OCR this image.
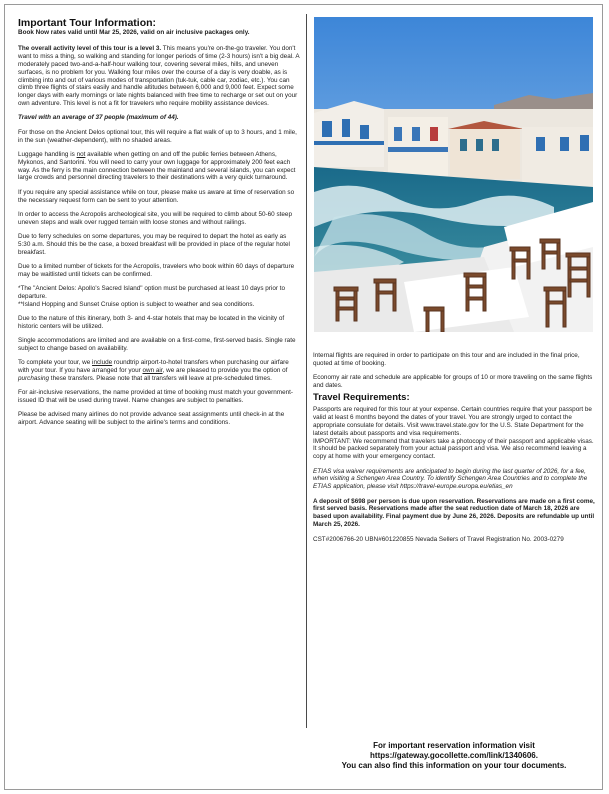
Important Tour Information:

Book Now rates valid until Mar 25, 2026, valid on air inclusive packages only.

The overall activity level of this tour is a level 3. This means you're on-the-go traveler. You don't want to miss a thing, so walking and standing for longer periods of time (2-3 hours) isn't a big deal. A moderately paced two-and-a-half-hour walking tour, covering several miles, hills, and uneven surfaces, is no problem for you. Walking four miles over the course of a day is very doable, as is climbing into and out of various modes of transportation (tuk-tuk, cable car, zodiac, etc.). You can climb three flights of stairs easily and handle altitudes between 6,000 and 9,000 feet. Expect some longer days with early mornings or late nights balanced with free time to recharge or set out on your own adventure. This level is not a fit for travelers who require mobility assistance devices.

Travel with an average of 37 people (maximum of 44).

For those on the Ancient Delos optional tour, this will require a flat walk of up to 3 hours, and 1 mile, in the sun (weather-dependent), with no shaded areas.

Luggage handling is not available when getting on and off the public ferries between Athens, Mykonos, and Santorini. You will need to carry your own luggage for approximately 200 feet each way. As the ferry is the main connection between the mainland and several islands, you can expect large crowds and personnel directing travelers to their destinations with a very quick turnaround.

If you require any special assistance while on tour, please make us aware at time of reservation so the necessary request form can be sent to your attention.

In order to access the Acropolis archeological site, you will be required to climb about 50-60 steep uneven steps and walk over rugged terrain with loose stones and without railings.

Due to ferry schedules on some departures, you may be required to depart the hotel as early as 5:30 a.m. Should this be the case, a boxed breakfast will be provided in place of the regular hotel breakfast.

Due to a limited number of tickets for the Acropolis, travelers who book within 60 days of departure may be waitlisted until tickets can be confirmed.

*The "Ancient Delos: Apollo's Sacred Island" option must be purchased at least 10 days prior to departure.
**Island Hopping and Sunset Cruise option is subject to weather and sea conditions.

Due to the nature of this itinerary, both 3- and 4-star hotels that may be located in the vicinity of historic centers will be utilized.

Single accommodations are limited and are available on a first-come, first-served basis. Single rate subject to change based on availability.

To complete your tour, we include roundtrip airport-to-hotel transfers when purchasing our airfare with your tour. If you have arranged for your own air, we are pleased to provide you the option of purchasing these transfers. Please note that all transfers will leave at pre-scheduled times.

For air-inclusive reservations, the name provided at time of booking must match your government-issued ID that will be used during travel. Name changes are subject to penalties.

Please be advised many airlines do not provide advance seat assignments until check-in at the airport. Advance seating will be subject to the airline's terms and conditions.

Internal flights are required in order to participate on this tour and are included in the final price, quoted at time of booking.

Economy air rate and schedule are applicable for groups of 10 or more traveling on the same flights and dates.

Travel Requirements:

Passports are required for this tour at your expense. Certain countries require that your passport be valid at least 6 months beyond the dates of your travel. You are strongly urged to contact the appropriate consulate for details. Visit www.travel.state.gov for the U.S. State Department for the latest details about passports and visa requirements.

IMPORTANT: We recommend that travelers take a photocopy of their passport and applicable visas. It should be packed separately from your actual passport and visa. We also recommend leaving a copy at home with your emergency contact.

ETIAS visa waiver requirements are anticipated to begin during the last quarter of 2026, for a fee, when visiting a Schengen Area Country. To identify Schengen Area Countries and to complete the ETIAS application, please visit https://travel-europe.europa.eu/etias_en

A deposit of $698 per person is due upon reservation. Reservations are made on a first come, first served basis. Reservations made after the seat reduction date of March 18, 2026 are based upon availability. Final payment due by June 26, 2026. Deposits are refundable up until March 25, 2026.

CST#2006766-20 UBN#601220855 Nevada Sellers of Travel Registration No. 2003-0279

For important reservation information visit
https://gateway.gocollette.com/link/1340606.
You can also find this information on your tour documents.
